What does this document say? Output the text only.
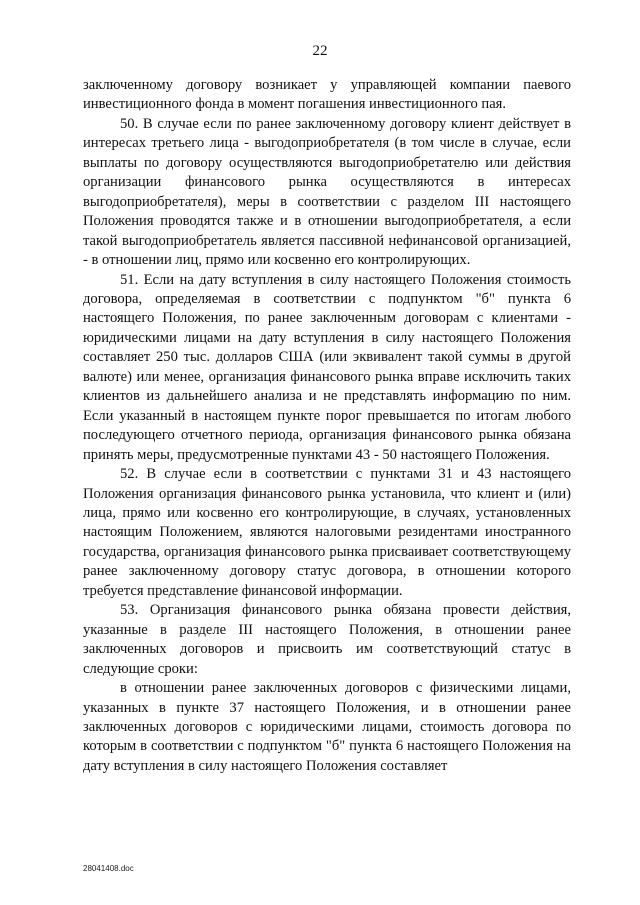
22

заключенному договору возникает у управляющей компании паевого инвестиционного фонда в момент погашения инвестиционного пая.

50. В случае если по ранее заключенному договору клиент действует в интересах третьего лица - выгодоприобретателя (в том числе в случае, если выплаты по договору осуществляются выгодоприобретателю или действия организации финансового рынка осуществляются в интересах выгодоприобретателя), меры в соответствии с разделом III настоящего Положения проводятся также и в отношении выгодоприобретателя, а если такой выгодоприобретатель является пассивной нефинансовой организацией, - в отношении лиц, прямо или косвенно его контролирующих.

51. Если на дату вступления в силу настоящего Положения стоимость договора, определяемая в соответствии с подпунктом "б" пункта 6 настоящего Положения, по ранее заключенным договорам с клиентами - юридическими лицами на дату вступления в силу настоящего Положения составляет 250 тыс. долларов США (или эквивалент такой суммы в другой валюте) или менее, организация финансового рынка вправе исключить таких клиентов из дальнейшего анализа и не представлять информацию по ним. Если указанный в настоящем пункте порог превышается по итогам любого последующего отчетного периода, организация финансового рынка обязана принять меры, предусмотренные пунктами 43 - 50 настоящего Положения.

52. В случае если в соответствии с пунктами 31 и 43 настоящего Положения организация финансового рынка установила, что клиент и (или) лица, прямо или косвенно его контролирующие, в случаях, установленных настоящим Положением, являются налоговыми резидентами иностранного государства, организация финансового рынка присваивает соответствующему ранее заключенному договору статус договора, в отношении которого требуется представление финансовой информации.

53. Организация финансового рынка обязана провести действия, указанные в разделе III настоящего Положения, в отношении ранее заключенных договоров и присвоить им соответствующий статус в следующие сроки:

в отношении ранее заключенных договоров с физическими лицами, указанных в пункте 37 настоящего Положения, и в отношении ранее заключенных договоров с юридическими лицами, стоимость договора по которым в соответствии с подпунктом "б" пункта 6 настоящего Положения на дату вступления в силу настоящего Положения составляет

28041408.doc
